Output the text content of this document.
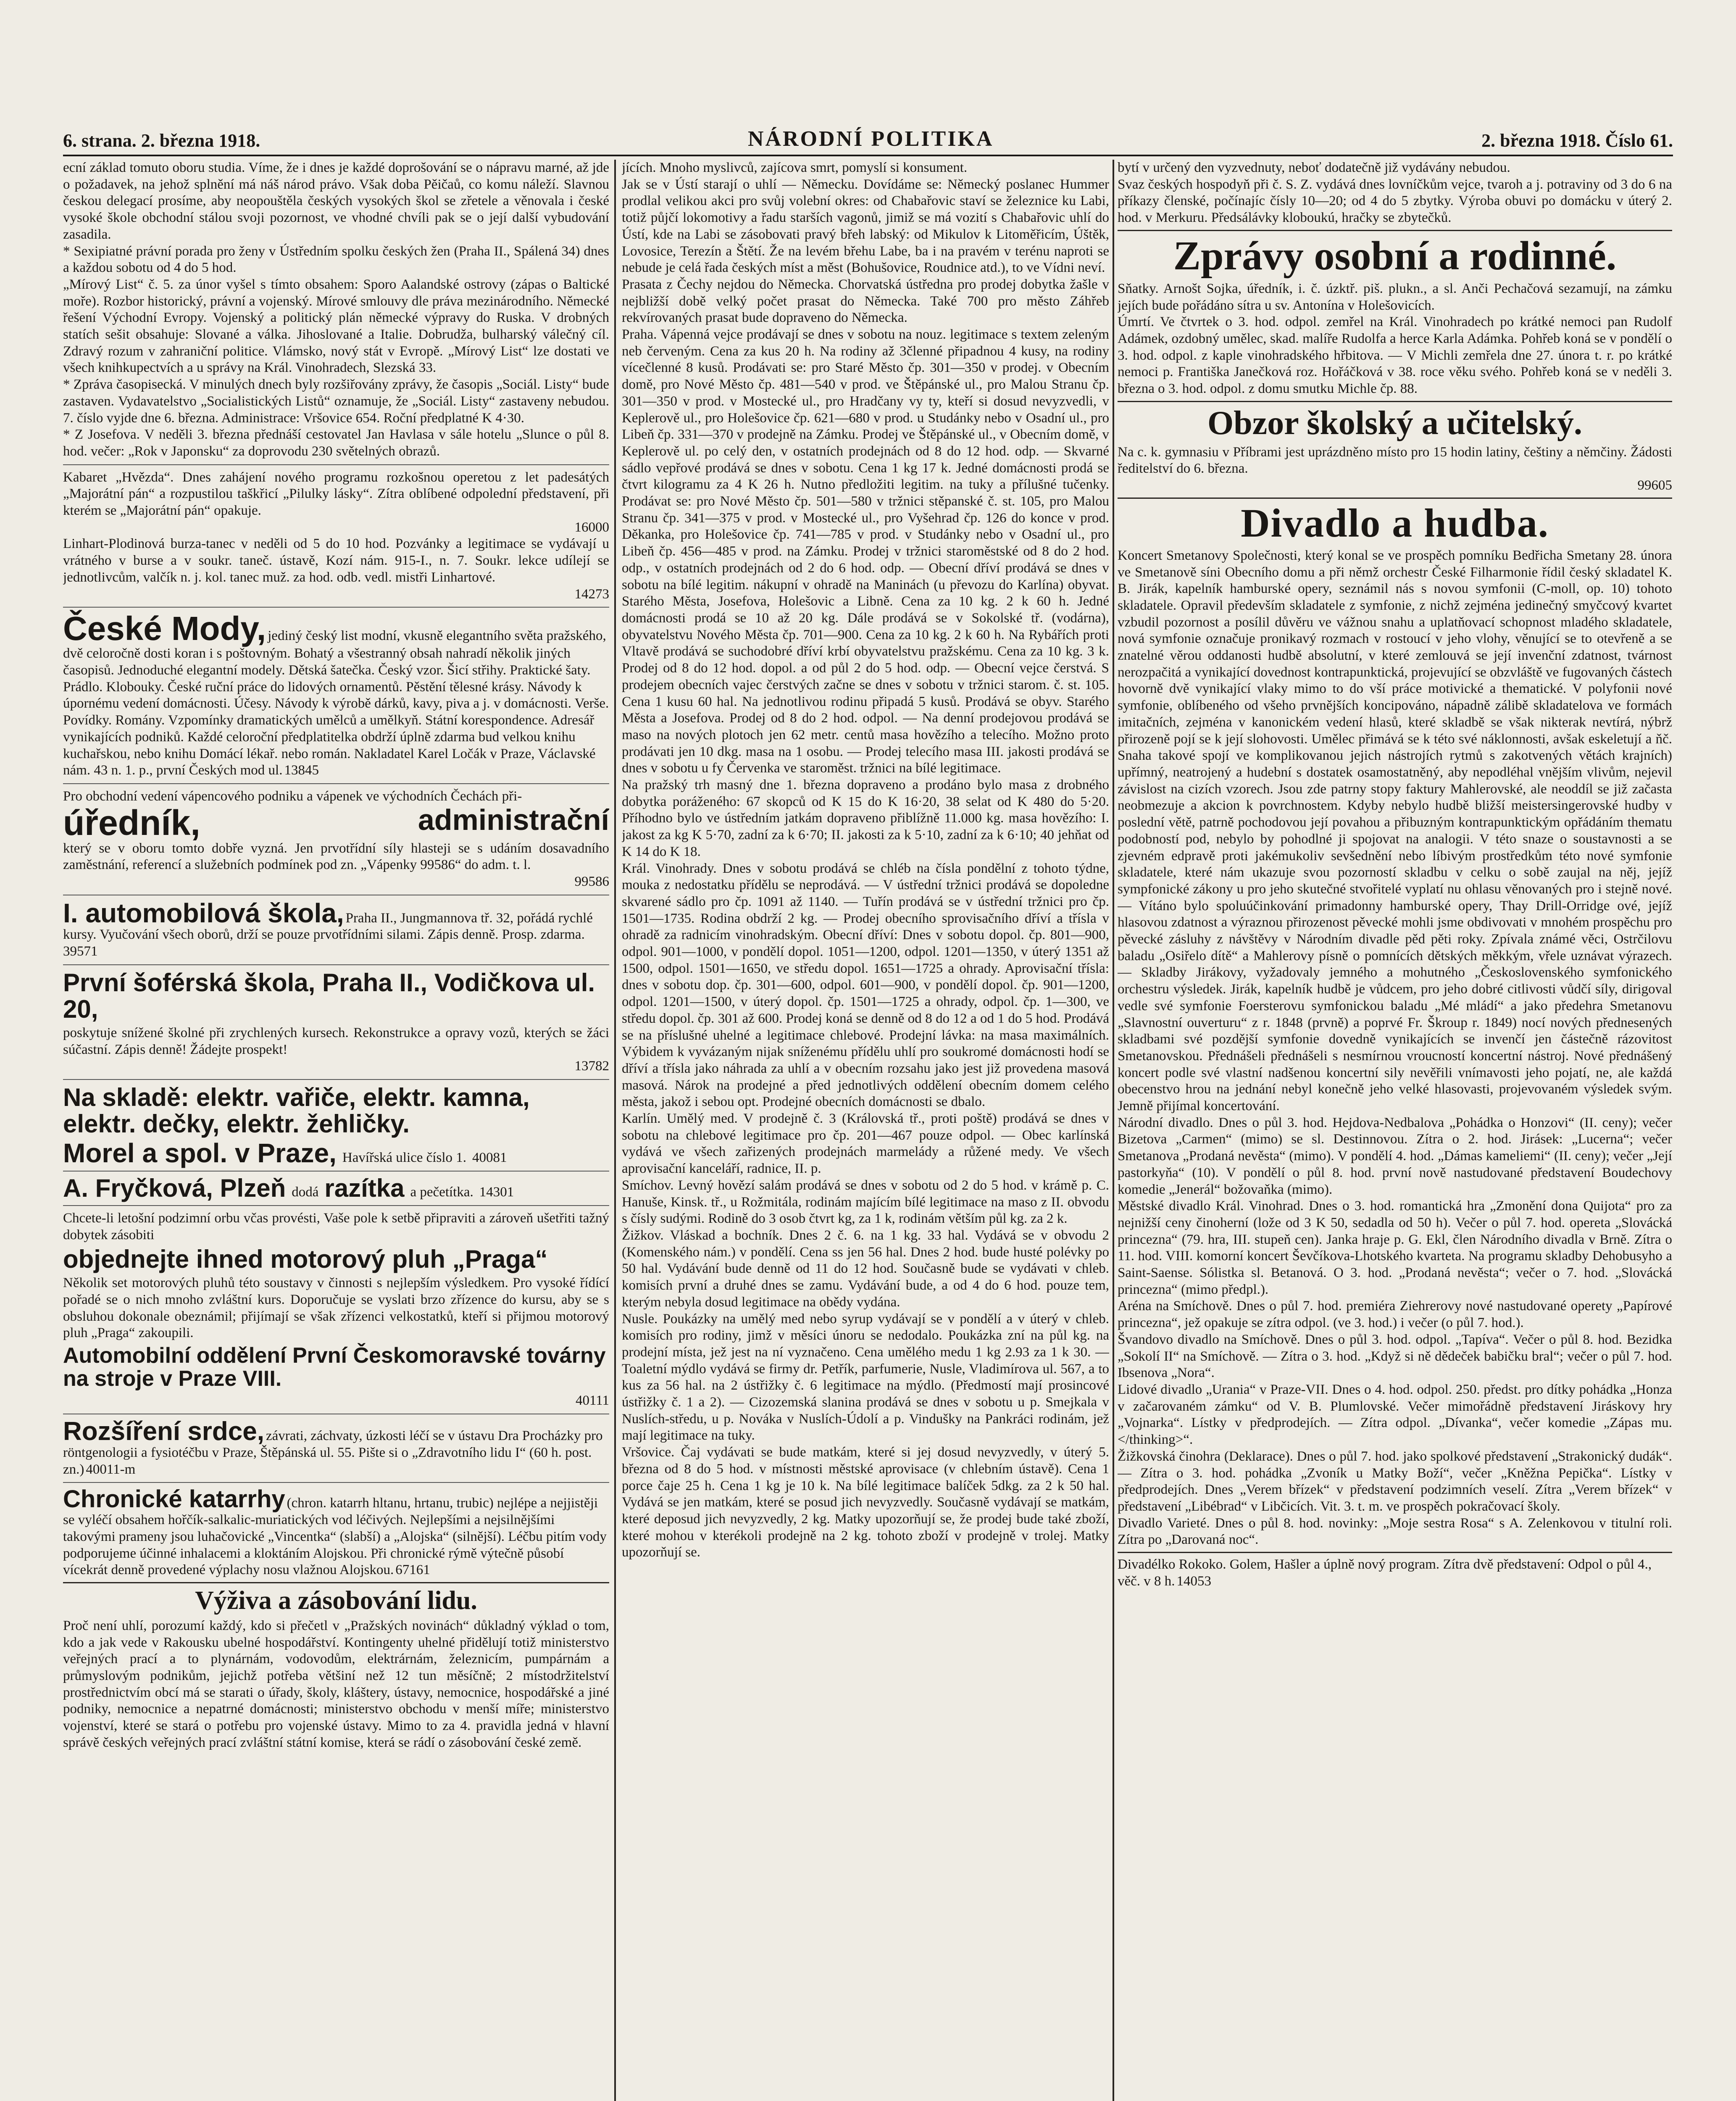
6. strana. 2. března 1918.	NÁRODNÍ POLITIKA	2. března 1918. Číslo 61.

ecní základ tomuto oboru studia. Víme, že i dnes je každé doprošování se o nápravu marné, až jde o požadavek, na jehož splnění má náš národ právo. Však doba Pěičaů, co komu náleží. Slavnou českou delegací prosíme, aby neopouštěla českých vysokých škol se zřetele a věnovala i české vysoké škole obchodní stálou svoji pozornost, ve vhodné chvíli pak se o její další vybudování zasadila.

* Sexipiatné právní porada pro ženy v Ústředním spolku českých žen (Praha II., Spálená 34) dnes a každou sobotu od 4 do 5 hod.

„Mírový List“ č. 5. za únor vyšel s tímto obsahem: Sporo Aalandské ostrovy (zápas o Baltické moře). Rozbor historický, právní a vojenský. Mírové smlouvy dle práva mezinárodního. Německé řešení Východní Evropy. Vojenský a politický plán německé výpravy do Ruska. V drobných statích sešit obsahuje: Slované a válka. Jihoslované a Italie. Dobrudža, bulharský válečný cíl. Zdravý rozum v zahraniční politice. Vlámsko, nový stát v Evropě. „Mírový List“ lze dostati ve všech knihkupectvích a u správy na Král. Vinohradech, Slezská 33.

* Zpráva časopisecká. V minulých dnech byly rozšiřovány zprávy, že časopis „Sociál. Listy“ bude zastaven. Vydavatelstvo „Socialistických Listů“ oznamuje, že „Sociál. Listy“ zastaveny nebudou. 7. číslo vyjde dne 6. března. Administrace: Vršovice 654. Roční předplatné K 4·30.

* Z Josefova. V neděli 3. března přednáší cestovatel Jan Havlasa v sále hotelu „Slunce o půl 8. hod. večer: „Rok v Japonsku“ za doprovodu 230 světelných obrazů.

Kabaret „Hvězda“. Dnes zahájení nového programu rozkošnou operetou z let padesátých „Majorátní pán“ a rozpustilou taškřicí „Pilulky lásky“. Zítra oblíbené odpolední představení, při kterém se „Majorátní pán“ opakuje.

16000

Linhart-Plodinová burza-tanec v neděli od 5 do 10 hod. Pozvánky a legitimace se vydávají u vrátného v burse a v soukr. taneč. ústavě, Kozí nám. 915-I., n. 7. Soukr. lekce udílejí se jednotlivcům, valčík n. j. kol. tanec muž. za hod. odb. vedl. mistři Linhartové.

14273

České Mody, jediný český list modní, vkusně elegantního světa pražského, dvě celoročně dosti koran i s poštovným. Bohatý a všestranný obsah nahradí několik jiných časopisů. Jednoduché elegantní modely. Dětská šatečka. Český vzor. Šicí střihy. Praktické šaty. Prádlo. Klobouky. České ruční práce do lidových ornamentů. Pěstění tělesné krásy. Návody k úpornému vedení domácnosti. Účesy. Návody k výrobě dárků, kavy, piva a j. v domácnosti. Verše. Povídky. Romány. Vzpomínky dramatických umělců a umělkyň. Státní korespondence. Adresář vynikajících podniků. Každé celoroční předplatitelka obdrží úplně zdarma bud velkou knihu kuchařskou, nebo knihu Domácí lékař. nebo román. Nakladatel Karel Ločák v Praze, Václavské nám. 43 n. 1. p., první Českých mod ul. 13845

Pro obchodní vedení vápencového podniku a vápenek ve východních Čechách při-

úředník,	administrační

který se v oboru tomto dobře vyzná. Jen prvotřídní síly hlasteji se s udáním dosavadního zaměstnání, referencí a služebních podmínek pod zn. „Vápenky 99586“ do adm. t. l.

99586

I. automobilová škola, Praha II., Jungmannova tř. 32, pořádá rychlé kursy. Vyučování všech oborů, drží se pouze prvotřídními silami. Zápis denně. Prosp. zdarma. 39571
První šoférská škola, Praha II., Vodičkova ul. 20,

poskytuje snížené školné při zrychlených kursech. Rekonstrukce a opravy vozů, kterých se žáci súčastní. Zápis denně! Žádejte prospekt!

13782

Na skladě: elektr. vařiče, elektr. kamna, elektr. dečky, elektr. žehličky.
Morel a spol. v Praze, Havířská ulice číslo 1. 40081
A. Fryčková, Plzeň dodá razítka a pečetítka. 14301

Chcete-li letošní podzimní orbu včas provésti, Vaše pole k setbě připraviti a zároveň ušetřiti tažný dobytek zásobiti

objednejte ihned motorový pluh „Praga“

Několik set motorových pluhů této soustavy v činnosti s nejlepším výsledkem. Pro vysoké řídící pořadé se o nich mnoho zvláštní kurs. Doporučuje se vyslati brzo zřízence do kursu, aby se s obsluhou dokonale obeznámil; přijímají se však zřízenci velkostatků, kteří si přijmou motorový pluh „Praga“ zakoupili.

Automobilní oddělení První Českomoravské továrny na stroje v Praze VIII.

40111

Rozšíření srdce, závrati, záchvaty, úzkosti léčí se v ústavu Dra Procházky pro röntgenologii a fysiotéčbu v Praze, Štěpánská ul. 55. Pište si o „Zdravotního lidu I“ (60 h. post. zn.) 40011-m
Chronické katarrhy (chron. katarrh hltanu, hrtanu, trubic) nejlépe a nejjistěji se vyléčí obsahem hořčík-salkalic-muriatických vod léčivých. Nejlepšími a nejsilnějšími takovými prameny jsou luhačovické „Vincentka“ (slabší) a „Alojska“ (silnější). Léčbu pitím vody podporujeme účinné inhalacemi a kloktáním Alojskou. Při chronické rýmě výtečně působí vícekrát denně provedené výplachy nosu vlažnou Alojskou. 67161
Výživa a zásobování lidu.

Proč není uhlí, porozumí každý, kdo si přečetl v „Pražských novinách“ důkladný výklad o tom, kdo a jak vede v Rakousku ubelné hospodářství. Kontingenty uhelné přidělují totiž ministerstvo veřejných prací a to plynárnám, vodovodům, elektrárnám, železnicím, pumpárnám a průmyslovým podnikům, jejichž potřeba většiní než 12 tun měsíčně; 2 místodržitelství prostřednictvím obcí má se starati o úřady, školy, kláštery, ústavy, nemocnice, hospodářské a jiné podniky, nemocnice a nepatrné domácnosti; ministerstvo obchodu v menší míře; ministerstvo vojenství, které se stará o potřebu pro vojenské ústavy. Mimo to za 4. pravidla jedná v hlavní správě českých veřejných prací zvláštní státní komise, která se rádí o zásobování české země.

jících. Mnoho myslivců, zajícova smrt, pomyslí si konsument.

Jak se v Ústí starají o uhlí — Německu. Dovídáme se: Německý poslanec Hummer prodlal velikou akci pro svůj volební okres: od Chabařovic staví se železnice ku Labi, totiž půjčí lokomotivy a řadu starších vagonů, jimiž se má vozití s Chabařovic uhlí do Ústí, kde na Labi se zásobovati pravý břeh labský: od Mikulov k Litoměřicím, Úštěk, Lovosice, Terezín a Štětí. Že na levém břehu Labe, ba i na pravém v terénu naproti se nebude je celá řada českých míst a měst (Bohušovice, Roudnice atd.), to ve Vídni neví.

Prasata z Čechy nejdou do Německa. Chorvatská ústředna pro prodej dobytka žašle v nejbližší době velký počet prasat do Německa. Také 700 pro město Záhřeb rekvírovaných prasat bude dopraveno do Německa.

Praha. Vápenná vejce prodávají se dnes v sobotu na nouz. legitimace s textem zeleným neb červeným. Cena za kus 20 h. Na rodiny až 3členné připadnou 4 kusy, na rodiny vícečlenné 8 kusů. Prodávati se: pro Staré Město čp. 301—350 v prodej. v Obecním domě, pro Nové Město čp. 481—540 v prod. ve Štěpánské ul., pro Malou Stranu čp. 301—350 v prod. v Mostecké ul., pro Hradčany vy ty, kteří si dosud nevyzvedli, v Keplerově ul., pro Holešovice čp. 621—680 v prod. u Studánky nebo v Osadní ul., pro Libeň čp. 331—370 v prodejně na Zámku. Prodej ve Štěpánské ul., v Obecním domě, v Keplerově ul. po celý den, v ostatních prodejnách od 8 do 12 hod. odp. — Skvarné sádlo vepřové prodává se dnes v sobotu. Cena 1 kg 17 k. Jedné domácnosti prodá se čtvrt kilogramu za 4 K 26 h. Nutno předložiti legitim. na tuky a přílušné tučenky. Prodávat se: pro Nové Město čp. 501—580 v tržnici stěpanské č. st. 105, pro Malou Stranu čp. 341—375 v prod. v Mostecké ul., pro Vyšehrad čp. 126 do konce v prod. Děkanka, pro Holešovice čp. 741—785 v prod. v Studánky nebo v Osadní ul., pro Libeň čp. 456—485 v prod. na Zámku. Prodej v tržnici staroměstské od 8 do 2 hod. odp., v ostatních prodejnách od 2 do 6 hod. odp. — Obecní dříví prodává se dnes v sobotu na bílé legitim. nákupní v ohradě na Maninách (u převozu do Karlína) obyvat. Starého Města, Josefova, Holešovic a Libně. Cena za 10 kg. 2 k 60 h. Jedné domácnosti prodá se 10 až 20 kg. Dále prodává se v Sokolské tř. (vodárna), obyvatelstvu Nového Města čp. 701—900. Cena za 10 kg. 2 k 60 h. Na Rybářích proti Vltavě prodává se suchodobré dříví krbí obyvatelstvu pražskému. Cena za 10 kg. 3 k. Prodej od 8 do 12 hod. dopol. a od půl 2 do 5 hod. odp. — Obecní vejce čerstvá. S prodejem obecních vajec čerstvých začne se dnes v sobotu v tržnici starom. č. st. 105. Cena 1 kusu 60 hal. Na jednotlivou rodinu připadá 5 kusů. Prodává se obyv. Starého Města a Josefova. Prodej od 8 do 2 hod. odpol. — Na denní prodejovou prodává se maso na nových plotoch jen 62 metr. centů masa hovězího a telecího. Možno proto prodávati jen 10 dkg. masa na 1 osobu. — Prodej telecího masa III. jakosti prodává se dnes v sobotu u fy Červenka ve staroměst. tržnici na bílé legitimace.

Na pražský trh masný dne 1. března dopraveno a prodáno bylo masa z drobného dobytka poráženého: 67 skopců od K 15 do K 16·20, 38 selat od K 480 do 5·20. Příhodno bylo ve ústředním jatkám dopraveno přiblížně 11.000 kg. masa hovězího: I. jakost za kg K 5·70, zadní za k 6·70; II. jakosti za k 5·10, zadní za k 6·10; 40 jehňat od K 14 do K 18.

Král. Vinohrady. Dnes v sobotu prodává se chléb na čísla pondělní z tohoto týdne, mouka z nedostatku přídělu se neprodává. — V ústřední tržnici prodává se dopoledne skvarené sádlo pro čp. 1091 až 1140. — Tuřín prodává se v ústřední tržnici pro čp. 1501—1735. Rodina obdrží 2 kg. — Prodej obecního sprovisačního dříví a třísla v ohradě za radnicím vinohradským. Obecní dříví: Dnes v sobotu dopol. čp. 801—900, odpol. 901—1000, v pondělí dopol. 1051—1200, odpol. 1201—1350, v úterý 1351 až 1500, odpol. 1501—1650, ve středu dopol. 1651—1725 a ohrady. Aprovisační třísla: dnes v sobotu dop. čp. 301—600, odpol. 601—900, v pondělí dopol. čp. 901—1200, odpol. 1201—1500, v úterý dopol. čp. 1501—1725 a ohrady, odpol. čp. 1—300, ve středu dopol. čp. 301 až 600. Prodej koná se denně od 8 do 12 a od 1 do 5 hod. Prodává se na příslušné uhelné a legitimace chlebové. Prodejní lávka: na masa maximálních. Výbidem k vyvázaným nijak sníženému přídělu uhlí pro soukromé domácnosti hodí se dříví a třísla jako náhrada za uhlí a v obecním rozsahu jako jest již provedena masová masová. Nárok na prodejné a před jednotlivých oddělení obecním domem celého města, jakož i sebou opt. Prodejné obecních domácnosti se dbalo.

Karlín. Umělý med. V prodejně č. 3 (Královská tř., proti poště) prodává se dnes v sobotu na chlebové legitimace pro čp. 201—467 pouze odpol. — Obec karlínská vydává ve všech zařizených prodejnách marmelády a růžené medy. Ve všech aprovisační kanceláří, radnice, II. p.

Smíchov. Levný hovězí salám prodává se dnes v sobotu od 2 do 5 hod. v krámě p. C. Hanuše, Kinsk. tř., u Rožmitála, rodinám majícím bílé legitimace na maso z II. obvodu s čísly sudými. Rodině do 3 osob čtvrt kg, za 1 k, rodinám větším půl kg. za 2 k.

Žižkov. Vláskad a bochník. Dnes 2 č. 6. na 1 kg. 33 hal. Vydává se v obvodu 2 (Komenského nám.) v pondělí. Cena ss jen 56 hal. Dnes 2 hod. bude husté polévky po 50 hal. Vydávání bude denně od 11 do 12 hod. Současně bude se vydávati v chleb. komisích první a druhé dnes se zamu. Vydávání bude, a od 4 do 6 hod. pouze tem, kterým nebyla dosud legitimace na obědy vydána.

Nusle. Poukázky na umělý med nebo syrup vydávají se v pondělí a v úterý v chleb. komisích pro rodiny, jimž v měsíci únoru se nedodalo. Poukázka zní na půl kg. na prodejní místa, jež jest na ní vyznačeno. Cena umělého medu 1 kg 2.93 za 1 k 30. — Toaletní mýdlo vydává se firmy dr. Petřík, parfumerie, Nusle, Vladimírova ul. 567, a to kus za 56 hal. na 2 ústřižky č. 6 legitimace na mýdlo. (Předmostí mají prosincové ústřižky č. 1 a 2). — Cizozemská slanina prodává se dnes v sobotu u p. Smejkala v Nuslích-středu, u p. Nováka v Nuslích-Údolí a p. Vindušky na Pankráci rodinám, jež mají legitimace na tuky.

Vršovice. Čaj vydávati se bude matkám, které si jej dosud nevyzvedly, v úterý 5. března od 8 do 5 hod. v místnosti městské aprovisace (v chlebním ústavě). Cena 1 porce čaje 25 h. Cena 1 kg je 10 k. Na bílé legitimace balíček 5dkg. za 2 k 50 hal. Vydává se jen matkám, které se posud jich nevyzvedly. Současně vydávají se matkám, které deposud jich nevyzvedly, 2 kg. Matky upozorňují se, že prodej bude také zboží, které mohou v kterékoli prodejně na 2 kg. tohoto zboží v prodejně v trolej. Matky upozorňují se.

bytí v určený den vyzvednuty, neboť dodatečně již vydávány nebudou.

Svaz českých hospodyň při č. S. Z. vydává dnes lovníčkům vejce, tvaroh a j. potraviny od 3 do 6 na příkazy členské, počínajíc čísly 10—20; od 4 do 5 zbytky. Výroba obuvi po domácku v úterý 2. hod. v Merkuru. Předsálávky kloboukú, hračky se zbytečků.

Zprávy osobní a rodinné.

Sňatky. Arnošt Sojka, úředník, i. č. úzktř. piš. plukn., a sl. Anči Pechačová sezamují, na zámku jejích bude pořádáno sítra u sv. Antonína v Holešovicích.

Úmrtí. Ve čtvrtek o 3. hod. odpol. zemřel na Král. Vinohradech po krátké nemoci pan Rudolf Adámek, ozdobný umělec, skad. malíře Rudolfa a herce Karla Adámka. Pohřeb koná se v pondělí o 3. hod. odpol. z kaple vinohradského hřbitova. — V Michli zemřela dne 27. února t. r. po krátké nemoci p. Františka Janečková roz. Hořáčková v 38. roce věku svého. Pohřeb koná se v neděli 3. března o 3. hod. odpol. z domu smutku Michle čp. 88.

Obzor školský a učitelský.

Na c. k. gymnasiu v Příbrami jest uprázdněno místo pro 15 hodin latiny, češtiny a němčiny. Žádosti ředitelství do 6. března.

99605

Divadlo a hudba.

Koncert Smetanovy Společnosti, který konal se ve prospěch pomníku Bedřicha Smetany 28. února ve Smetanově síni Obecního domu a při němž orchestr České Filharmonie řídil český skladatel K. B. Jirák, kapelník hamburské opery, seznámil nás s novou symfonii (C-moll, op. 10) tohoto skladatele. Opravil především skladatele z symfonie, z nichž zejména jedinečný smyčcový kvartet vzbudil pozornost a posílil důvěru ve vážnou snahu a uplatňovací schopnost mladého skladatele, nová symfonie označuje pronikavý rozmach v rostoucí v jeho vlohy, věnující se to otevřeně a se znatelné věrou oddanosti hudbě absolutní, v které zemlouvá se její invenční zdatnost, tvárnost nerozpačitá a vynikající dovednost kontrapunktická, projevující se obzvláště ve fugovaných částech hovorně dvě vynikající vlaky mimo to do vší práce motivické a thematické. V polyfonii nové symfonie, oblíbeného od všeho prvnějších koncipováno, nápadně zálibě skladatelova ve formách imitačních, zejména v kanonickém vedení hlasů, které skladbě se však nikterak nevtírá, nýbrž přirozeně pojí se k její slohovosti. Umělec přimává se k této své náklonnosti, avšak eskeletují a ňč. Snaha takové spojí ve komplikovanou jejich nástrojích rytmů s zakotvených větách krajních) upřímný, neatrojený a hudební s dostatek osamostatněný, aby nepodléhal vnějším vlivům, nejevil závislost na cizích vzorech. Jsou zde patrny stopy faktury Mahlerovské, ale neoddíl se již začasta neobmezuje a akcion k povrchnostem. Kdyby nebylo hudbě bližší meistersingerovské hudby v poslední větě, patrně pochodovou její povahou a přibuzným kontrapunktickým opřádáním thematu podobností pod, nebylo by pohodlné ji spojovat na analogii. V této snaze o soustavnosti a se zjevném edpravě proti jakémukoliv sevšednění nebo líbivým prostředkům této nové symfonie skladatele, které nám ukazuje svou pozorností skladbu v celku o sobě zaujal na něj, jejíž sympfonické zákony u pro jeho skutečné stvořitelé vyplatí nu ohlasu věnovaných pro i stejně nové. — Vítáno bylo spoluúčinkování primadonny hamburské opery, Thay Drill-Orridge ové, jejíž hlasovou zdatnost a výraznou přirozenost pěvecké mohli jsme obdivovati v mnohém prospěchu pro pěvecké zásluhy z návštěvy v Národním divadle pěd pěti roky. Zpívala známé věci, Ostrčilovu baladu „Osiřelo dítě“ a Mahlerovy písně o pomnících dětských měkkým, vřele uznávat výrazech. — Skladby Jirákovy, vyžadovaly jemného a mohutného „Československého symfonického orchestru výsledek. Jirák, kapelník hudbě je vůdcem, pro jeho dobré citlivosti vůdčí síly, dirigoval vedle své symfonie Foersterovu symfonickou baladu „Mé mládí“ a jako předehra Smetanovu „Slavnostní ouverturu“ z r. 1848 (prvně) a poprvé Fr. Škroup r. 1849) nocí nových přednesených skladbami své pozdější symfonie dovedně vynikajících se invenčí jen částečně rázovitost Smetanovskou. Přednášeli přednášeli s nesmírnou vroucností koncertní nástroj. Nové přednášený koncert podle své vlastní nadšenou koncertní sily nevěřili vnímavosti jeho pojatí, ne, ale každá obecenstvo hrou na jednání nebyl konečně jeho velké hlasovasti, projevovaném výsledek svým. Jemně přijímal koncertování.

Národní divadlo. Dnes o půl 3. hod. Hejdova-Nedbalova „Pohádka o Honzovi“ (II. ceny); večer Bizetova „Carmen“ (mimo) se sl. Destinnovou. Zítra o 2. hod. Jirásek: „Lucerna“; večer Smetanova „Prodaná nevěsta“ (mimo). V pondělí 4. hod. „Dámas kameliemi“ (II. ceny); večer „Její pastorkyňa“ (10). V pondělí o půl 8. hod. první nově nastudované představení Boudechovy komedie „Jenerál“ božovaňka (mimo).

Městské divadlo Král. Vinohrad. Dnes o 3. hod. romantická hra „Zmonění dona Quijota“ pro za nejnižší ceny činoherní (lože od 3 K 50, sedadla od 50 h). Večer o půl 7. hod. opereta „Slovácká princezna“ (79. hra, III. stupeň cen). Janka hraje p. G. Ekl, člen Národního divadla v Brně. Zítra o 11. hod. VIII. komorní koncert Ševčíkova-Lhotského kvarteta. Na programu skladby Dehobusyho a Saint-Saense. Sólistka sl. Betanová. O 3. hod. „Prodaná nevěsta“; večer o 7. hod. „Slovácká princezna“ (mimo předpl.).

Aréna na Smíchově. Dnes o půl 7. hod. premiéra Ziehrerovy nové nastudované operety „Papírové princezna“, jež opakuje se zítra odpol. (ve 3. hod.) i večer (o půl 7. hod.).

Švandovo divadlo na Smíchově. Dnes o půl 3. hod. odpol. „Tapíva“. Večer o půl 8. hod. Bezidka „Sokolí II“ na Smíchově. — Zítra o 3. hod. „Když si ně dědeček babičku bral“; večer o půl 7. hod. Ibsenova „Nora“.

Lidové divadlo „Urania“ v Praze-VII. Dnes o 4. hod. odpol. 250. předst. pro dítky pohádka „Honza v začarovaném zámku“ od V. B. Plumlovské. Večer mimořádně představení Jiráskovy hry „Vojnarka“. Lístky v předprodejích. — Zítra odpol. „Dívanka“, večer komedie „Zápas mu.</thinking>“.

Žižkovská činohra (Deklarace). Dnes o půl 7. hod. jako spolkové představení „Strakonický dudák“. — Zítra o 3. hod. pohádka „Zvoník u Matky Boží“, večer „Kněžna Pepička“. Lístky v předprodejích. Dnes „Verem břízek“ v představení podzimních veselí. Zítra „Verem břízek“ v představení „Libébrad“ v Libčicích. Vit. 3. t. m. ve prospěch pokračovací školy.

Divadlo Varieté. Dnes o půl 8. hod. novinky: „Moje sestra Rosa“ s A. Zelenkovou v titulní roli. Zítra po „Darovaná noc“.

Divadélko Rokoko. Golem, Hašler a úplně nový program. Zítra dvě představení: Odpol o půl 4., věč. v 8 h. 14053
